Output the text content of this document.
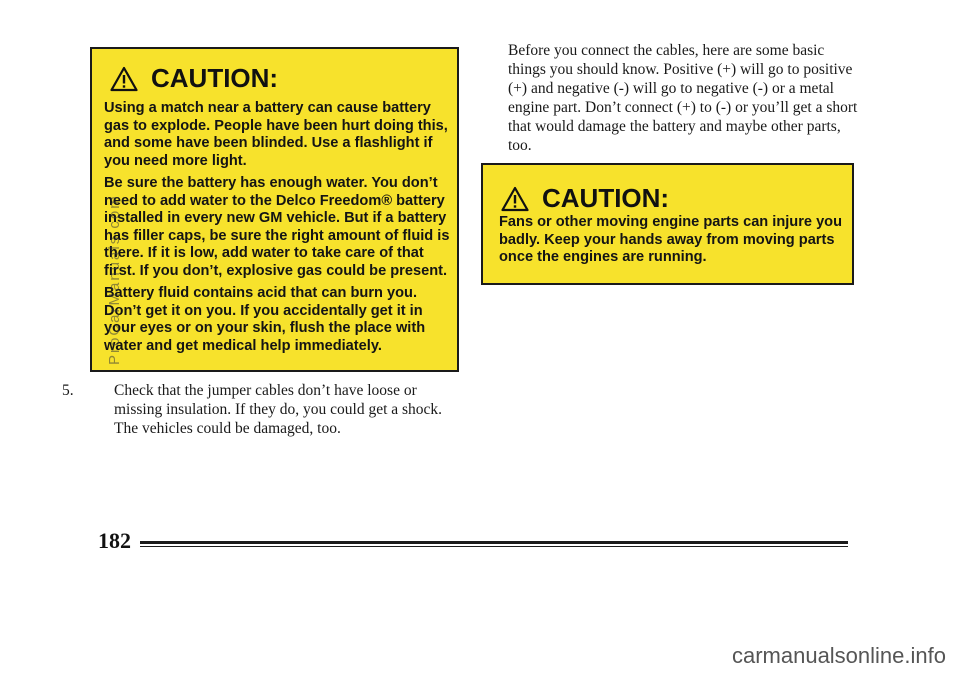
CAUTION:

Using a match near a battery can cause battery gas to explode. People have been hurt doing this, and some have been blinded. Use a flashlight if you need more light.

Be sure the battery has enough water. You don’t need to add water to the Delco Freedom® battery installed in every new GM vehicle. But if a battery has filler caps, be sure the right amount of fluid is there. If it is low, add water to take care of that first. If you don’t, explosive gas could be present.

Battery fluid contains acid that can burn you. Don’t get it on you. If you accidentally get it in your eyes or on your skin, flush the place with water and get medical help immediately.

5.	Check that the jumper cables don’t have loose or missing insulation. If they do, you could get a shock. The vehicles could be damaged, too.
Before you connect the cables, here are some basic things you should know. Positive (+) will go to positive (+) and negative (-) will go to negative (-) or a metal engine part. Don’t connect (+) to (-) or you’ll get a short that would damage the battery and maybe other parts, too.
CAUTION:

Fans or other moving engine parts can injure you badly. Keep your hands away from moving parts once the engines are running.

182
ProCarManuals.com
carmanualsonline.info
